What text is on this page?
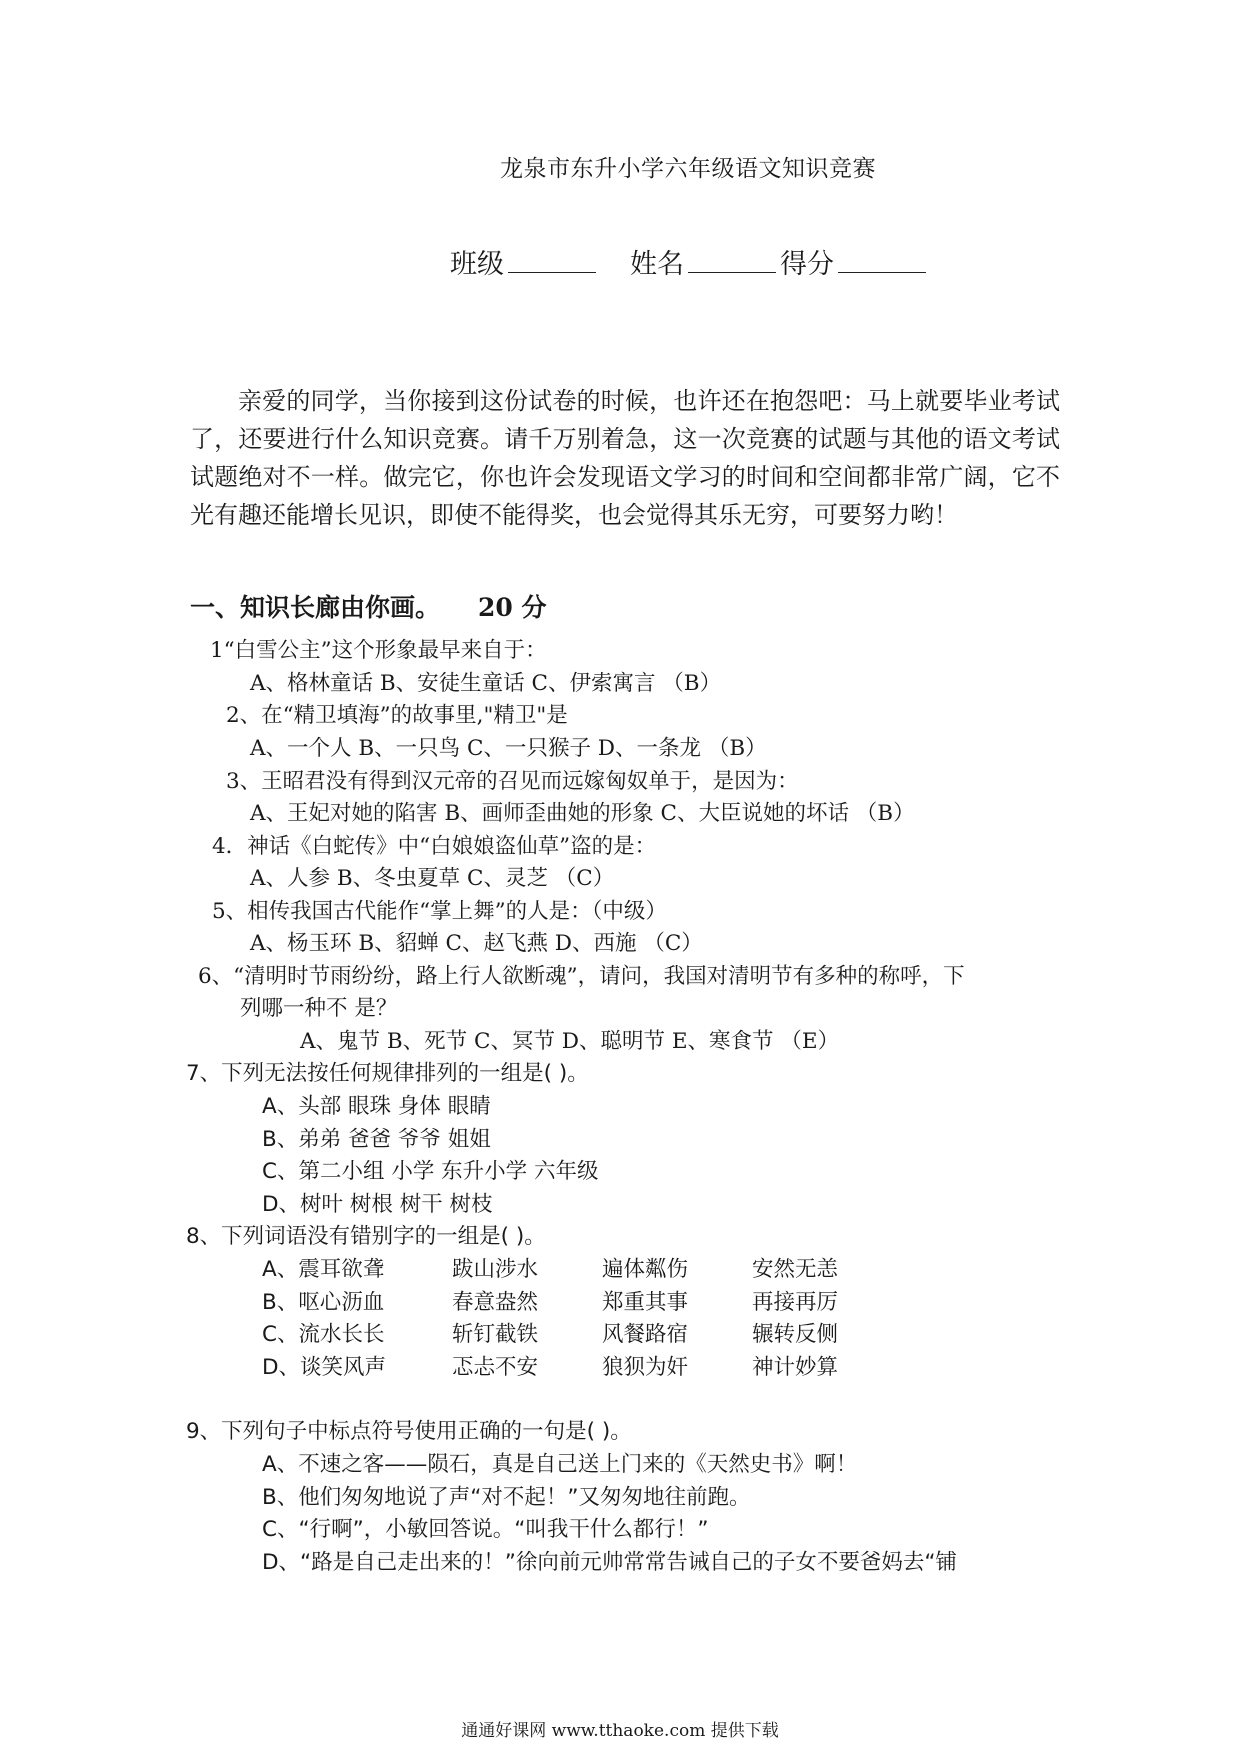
龙泉市东升小学六年级语文知识竞赛
班级	姓名	得分

亲爱的同学，当你接到这份试卷的时候，也许还在抱怨吧：马上就要毕业考试了，还要进行什么知识竞赛。请千万别着急，这一次竞赛的试题与其他的语文考试试题绝对不一样。做完它，你也许会发现语文学习的时间和空间都非常广阔，它不光有趣还能增长见识，即使不能得奖，也会觉得其乐无穷，可要努力哟！

一、知识长廊由你画。 20 分
1“白雪公主”这个形象最早来自于：
A、格林童话 B、安徒生童话 C、伊索寓言 （B）
2、在“精卫填海”的故事里,"精卫"是
A、一个人 B、一只鸟 C、一只猴子 D、一条龙 （B）
3、王昭君没有得到汉元帝的召见而远嫁匈奴单于，是因为：
A、王妃对她的陷害 B、画师歪曲她的形象 C、大臣说她的坏话 （B）
4．神话《白蛇传》中“白娘娘盗仙草”盗的是：
A、人参 B、冬虫夏草 C、灵芝 （C）
5、相传我国古代能作“掌上舞”的人是：（中级）
A、杨玉环 B、貂蝉 C、赵飞燕 D、西施 （C）
6、“清明时节雨纷纷，路上行人欲断魂”，请问，我国对清明节有多种的称呼，下
列哪一种不 是？
A、鬼节 B、死节 C、冥节 D、聪明节 E、寒食节 （E）
7、下列无法按任何规律排列的一组是( )。
A、头部 眼珠 身体 眼睛
B、弟弟 爸爸 爷爷 姐姐
C、第二小组 小学 东升小学 六年级
D、树叶 树根 树干 树枝
8、下列词语没有错别字的一组是( )。
A、震耳欲聋	跋山涉水	遍体粼伤	安然无恙
B、呕心沥血	春意盎然	郑重其事	再接再厉
C、流水长长	斩钉截铁	风餐路宿	辗转反侧
D、谈笑风声	忑忐不安	狼狈为奸	神计妙算
9、下列句子中标点符号使用正确的一句是( )。
A、不速之客——陨石，真是自己送上门来的《天然史书》啊！
B、他们匆匆地说了声“对不起！”又匆匆地往前跑。
C、“行啊”，小敏回答说。“叫我干什么都行！”
D、“路是自己走出来的！”徐向前元帅常常告诫自己的子女不要爸妈去“铺
通通好课网 www.tthaoke.com 提供下载
